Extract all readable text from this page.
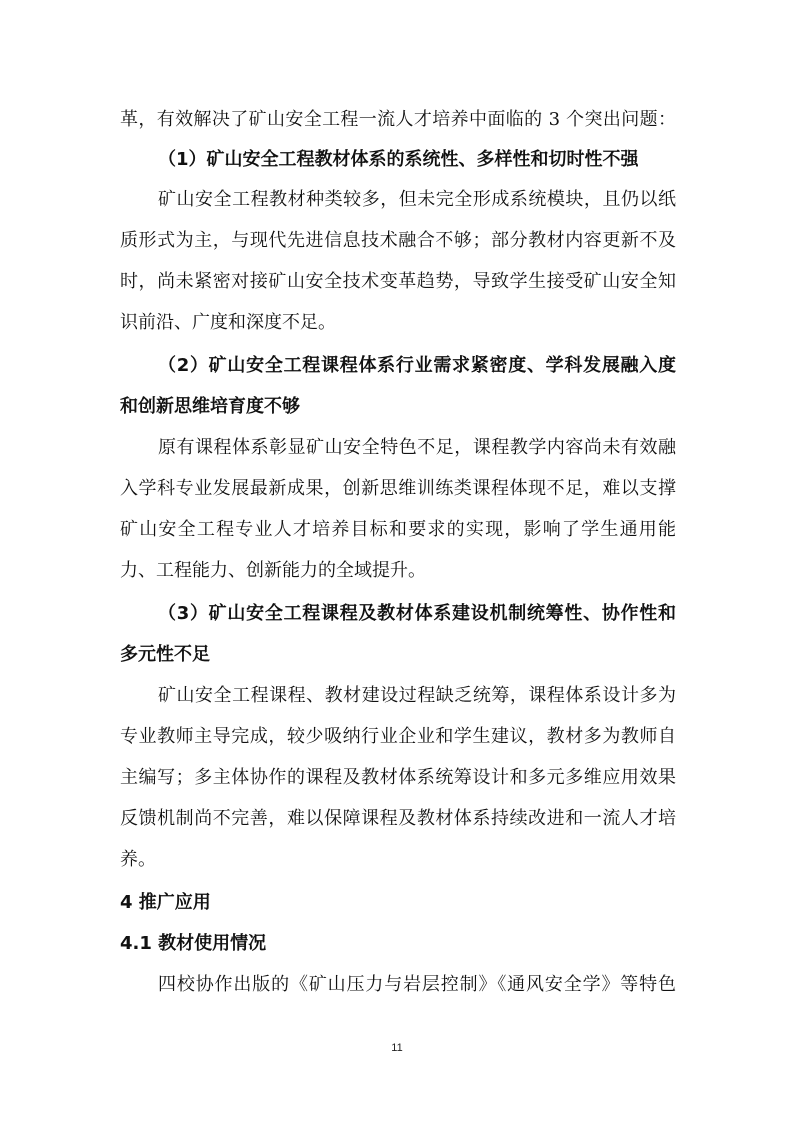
革，有效解决了矿山安全工程一流人才培养中面临的 3 个突出问题：
（1）矿山安全工程教材体系的系统性、多样性和切时性不强
矿山安全工程教材种类较多，但未完全形成系统模块，且仍以纸
质形式为主，与现代先进信息技术融合不够；部分教材内容更新不及
时，尚未紧密对接矿山安全技术变革趋势，导致学生接受矿山安全知
识前沿、广度和深度不足。
（2）矿山安全工程课程体系行业需求紧密度、学科发展融入度
和创新思维培育度不够
原有课程体系彰显矿山安全特色不足，课程教学内容尚未有效融
入学科专业发展最新成果，创新思维训练类课程体现不足，难以支撑
矿山安全工程专业人才培养目标和要求的实现，影响了学生通用能
力、工程能力、创新能力的全域提升。
（3）矿山安全工程课程及教材体系建设机制统筹性、协作性和
多元性不足
矿山安全工程课程、教材建设过程缺乏统筹，课程体系设计多为
专业教师主导完成，较少吸纳行业企业和学生建议，教材多为教师自
主编写；多主体协作的课程及教材体系统筹设计和多元多维应用效果
反馈机制尚不完善，难以保障课程及教材体系持续改进和一流人才培
养。
4 推广应用
4.1 教材使用情况
四校协作出版的《矿山压力与岩层控制》《通风安全学》等特色
11
